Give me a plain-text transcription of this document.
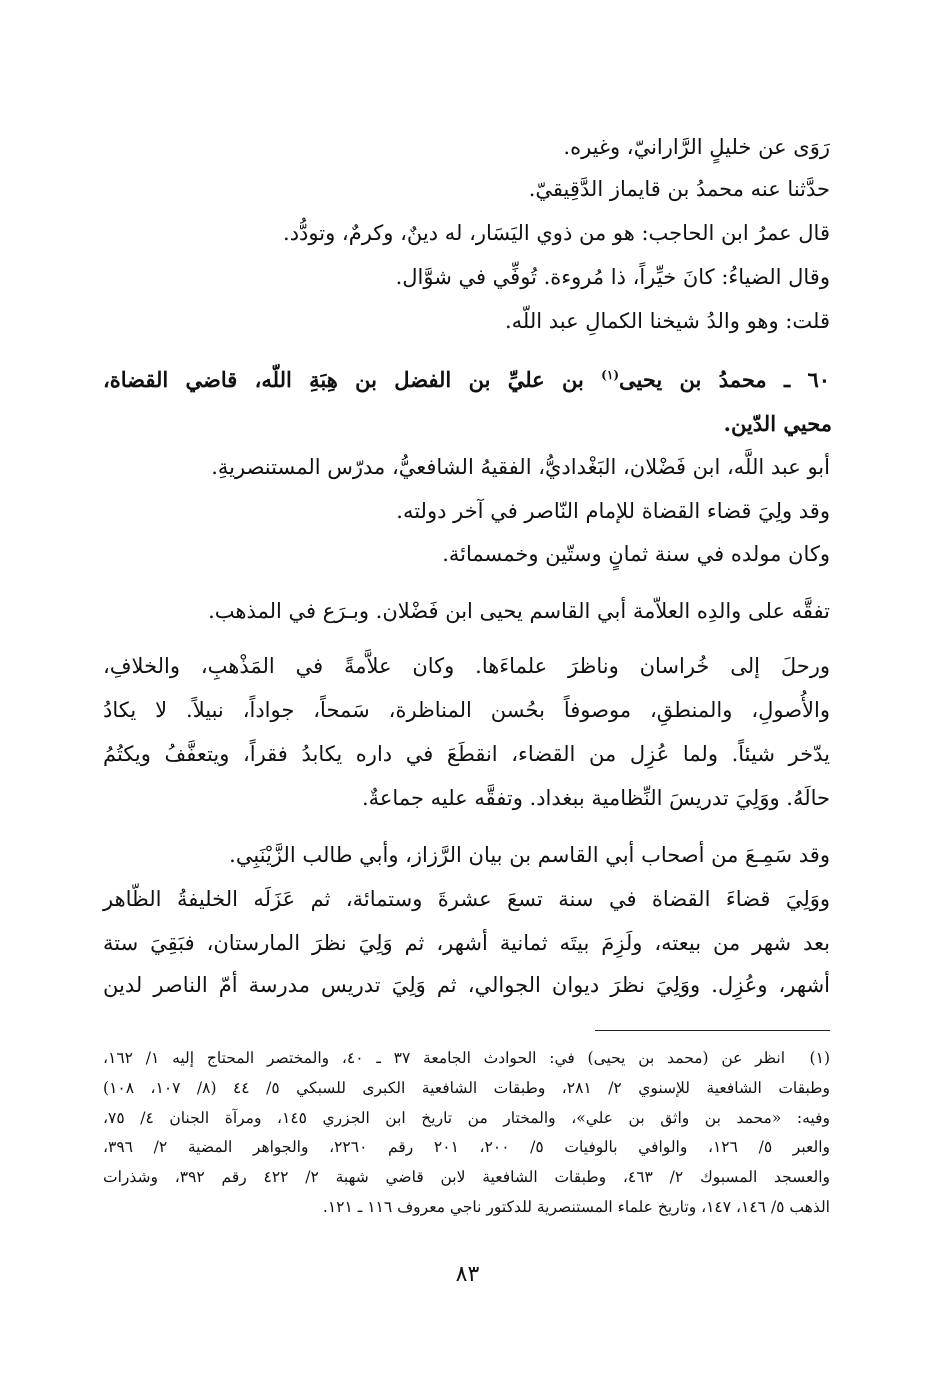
رَوَى عن خليلٍ الرَّارانيّ، وغيره.
حدَّثنا عنه محمدُ بن قايماز الدَّقِيقيّ.
قال عمرُ ابن الحاجب: هو من ذوي اليَسَار، له دينٌ، وكرمٌ، وتودُّد.
وقال الضياءُ: كانَ خيِّراً، ذا مُروءة. تُوفِّي في شوَّال.
قلت: وهو والدُ شيخنا الكمالِ عبد اللّه.
٦٠ ـ محمدُ بن يحيى$^{(١)}$ بن عليِّ بن الفضل بن هِبَةِ اللّه، قاضي القضاة،
محيي الدّين.
أبو عبد اللَّه، ابن فَضْلان، البَغْداديُّ، الفقيهُ الشافعيُّ، مدرّس المستنصريةِ.
وقد ولِيَ قضاء القضاة للإمام النّاصر في آخر دولته.
وكان مولده في سنة ثمانٍ وستّين وخمسمائة.
تفقَّه على والدِه العلاّمة أبي القاسم يحيى ابن فَضْلان. وبـرَع في المذهب.
ورحلَ إلى خُراسان وناظرَ علماءَها. وكان علاَّمةً في المَذْهبِ، والخلافِ،
والأُصولِ، والمنطقِ، موصوفاً بحُسن المناظرة، سَمحاً، جواداً، نبيلاً. لا يكادُ
يدّخر شيئاً. ولما عُزِل من القضاء، انقطَعَ في داره يكابدُ فقراً، ويتعفَّفُ ويكتُمُ
حالَهُ. ووَلِيَ تدريسَ النِّظامية ببغداد. وتفقَّه عليه جماعةٌ.
وقد سَمِـعَ من أصحاب أبي القاسم بن بيان الرَّزاز، وأبي طالب الزَّيْنَبِي.
ووَلِيَ قضاءَ القضاة في سنة تسعَ عشرةَ وستمائة، ثم عَزَلَه الخليفةُ الظّاهر
بعد شهر من بيعته، ولَزِمَ بيتَه ثمانية أشهر، ثم وَلِيَ نظرَ المارستان، فبَقِيَ ستة
أشهر، وعُزِل. ووَلِيَ نظرَ ديوان الجوالي، ثم وَلِيَ تدريس مدرسة أمّ الناصر لدين
(١)
انظر عن (محمد بن يحيى) في: الحوادث الجامعة ٣٧ ـ ٤٠، والمختصر المحتاج إليه ١/ ١٦٢،
وطبقات الشافعية للإسنوي ٢/ ٢٨١، وطبقات الشافعية الكبرى للسبكي ٥/ ٤٤ (٨/ ١٠٧، ١٠٨)
وفيه: «محمد بن واثق بن علي»، والمختار من تاريخ ابن الجزري ١٤٥، ومرآة الجنان ٤/ ٧٥،
والعبر ٥/ ١٢٦، والوافي بالوفيات ٥/ ٢٠٠، ٢٠١ رقم ٢٢٦٠، والجواهر المضية ٢/ ٣٩٦،
والعسجد المسبوك ٢/ ٤٦٣، وطبقات الشافعية لابن قاضي شهبة ٢/ ٤٢٢ رقم ٣٩٢، وشذرات
الذهب ٥/ ١٤٦، ١٤٧، وتاريخ علماء المستنصرية للدكتور ناجي معروف ١١٦ ـ ١٢١.
٨٣
